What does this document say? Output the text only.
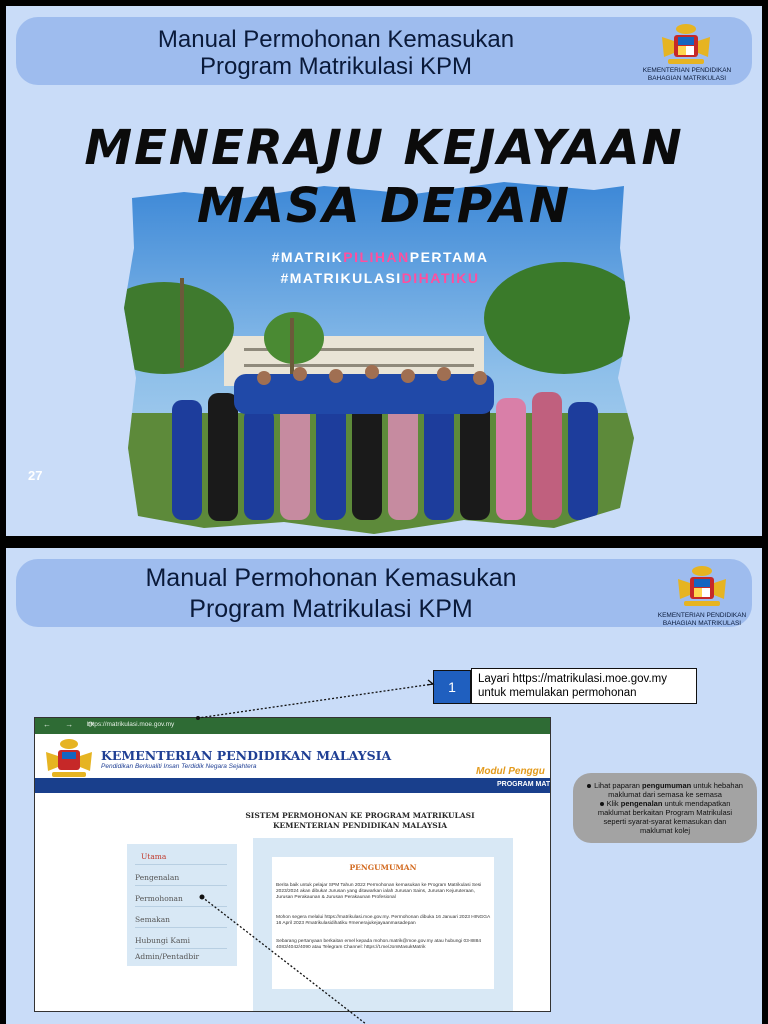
Manual Permohonan Kemasukan
Program Matrikulasi KPM	KEMENTERIAN PENDIDIKAN
BAHAGIAN MATRIKULASI
MENERAJU KEJAYAAN
MASA DEPAN
#MATRIKPILIHANPERTAMA
#MATRIKULASIDIHATIKU
27
Manual Permohonan Kemasukan
Program Matrikulasi KPM	KEMENTERIAN PENDIDIKAN
BAHAGIAN MATRIKULASI
1	Layari https://matrikulasi.moe.gov.my
untuk memulakan permohonan
← → ⟳
https://matrikulasi.moe.gov.my
KEMENTERIAN PENDIDIKAN MALAYSIA
Pendidikan Berkualiti Insan Terdidik Negara Sejahtera	Modul Penggu
PROGRAM MAT
SISTEM PERMOHONAN KE PROGRAM MATRIKULASI
KEMENTERIAN PENDIDIKAN MALAYSIA
Utama
Pengenalan
Permohonan
Semakan
Hubungi Kami
Admin/Pentadbir
PENGUMUMAN
Berita baik untuk pelajar SPM Tahun 2022 Permohonan kemasukan ke Program Matrikulasi Sesi 2023/2024 akan dibuka! Jurusan yang ditawarkan ialah Jurusan Sains, Jurusan Kejuruteraan, Jurusan Perakaunan & Jurusan Perakaunan Profesional
Mohon segera melalui https://matrikulasi.moe.gov.my. Permohonan dibuka 16 Januari 2023 HINGGA 16 April 2023 #matrikulasidihatiku #menerajukejayaanmasadepan
Sebarang pertanyaan berkaitan emel kepada mohon.matrik@moe.gov.my atau hubungi 03-8884 4083/4042/4090 atau Telegram Channel: https://t.me/JomMasukMatrik
Lihat paparan pengumuman untuk hebahan
maklumat dari semasa ke semasa
Klik pengenalan untuk mendapatkan
maklumat berkaitan Program Matrikulasi
seperti syarat-syarat kemasukan dan
maklumat kolej
